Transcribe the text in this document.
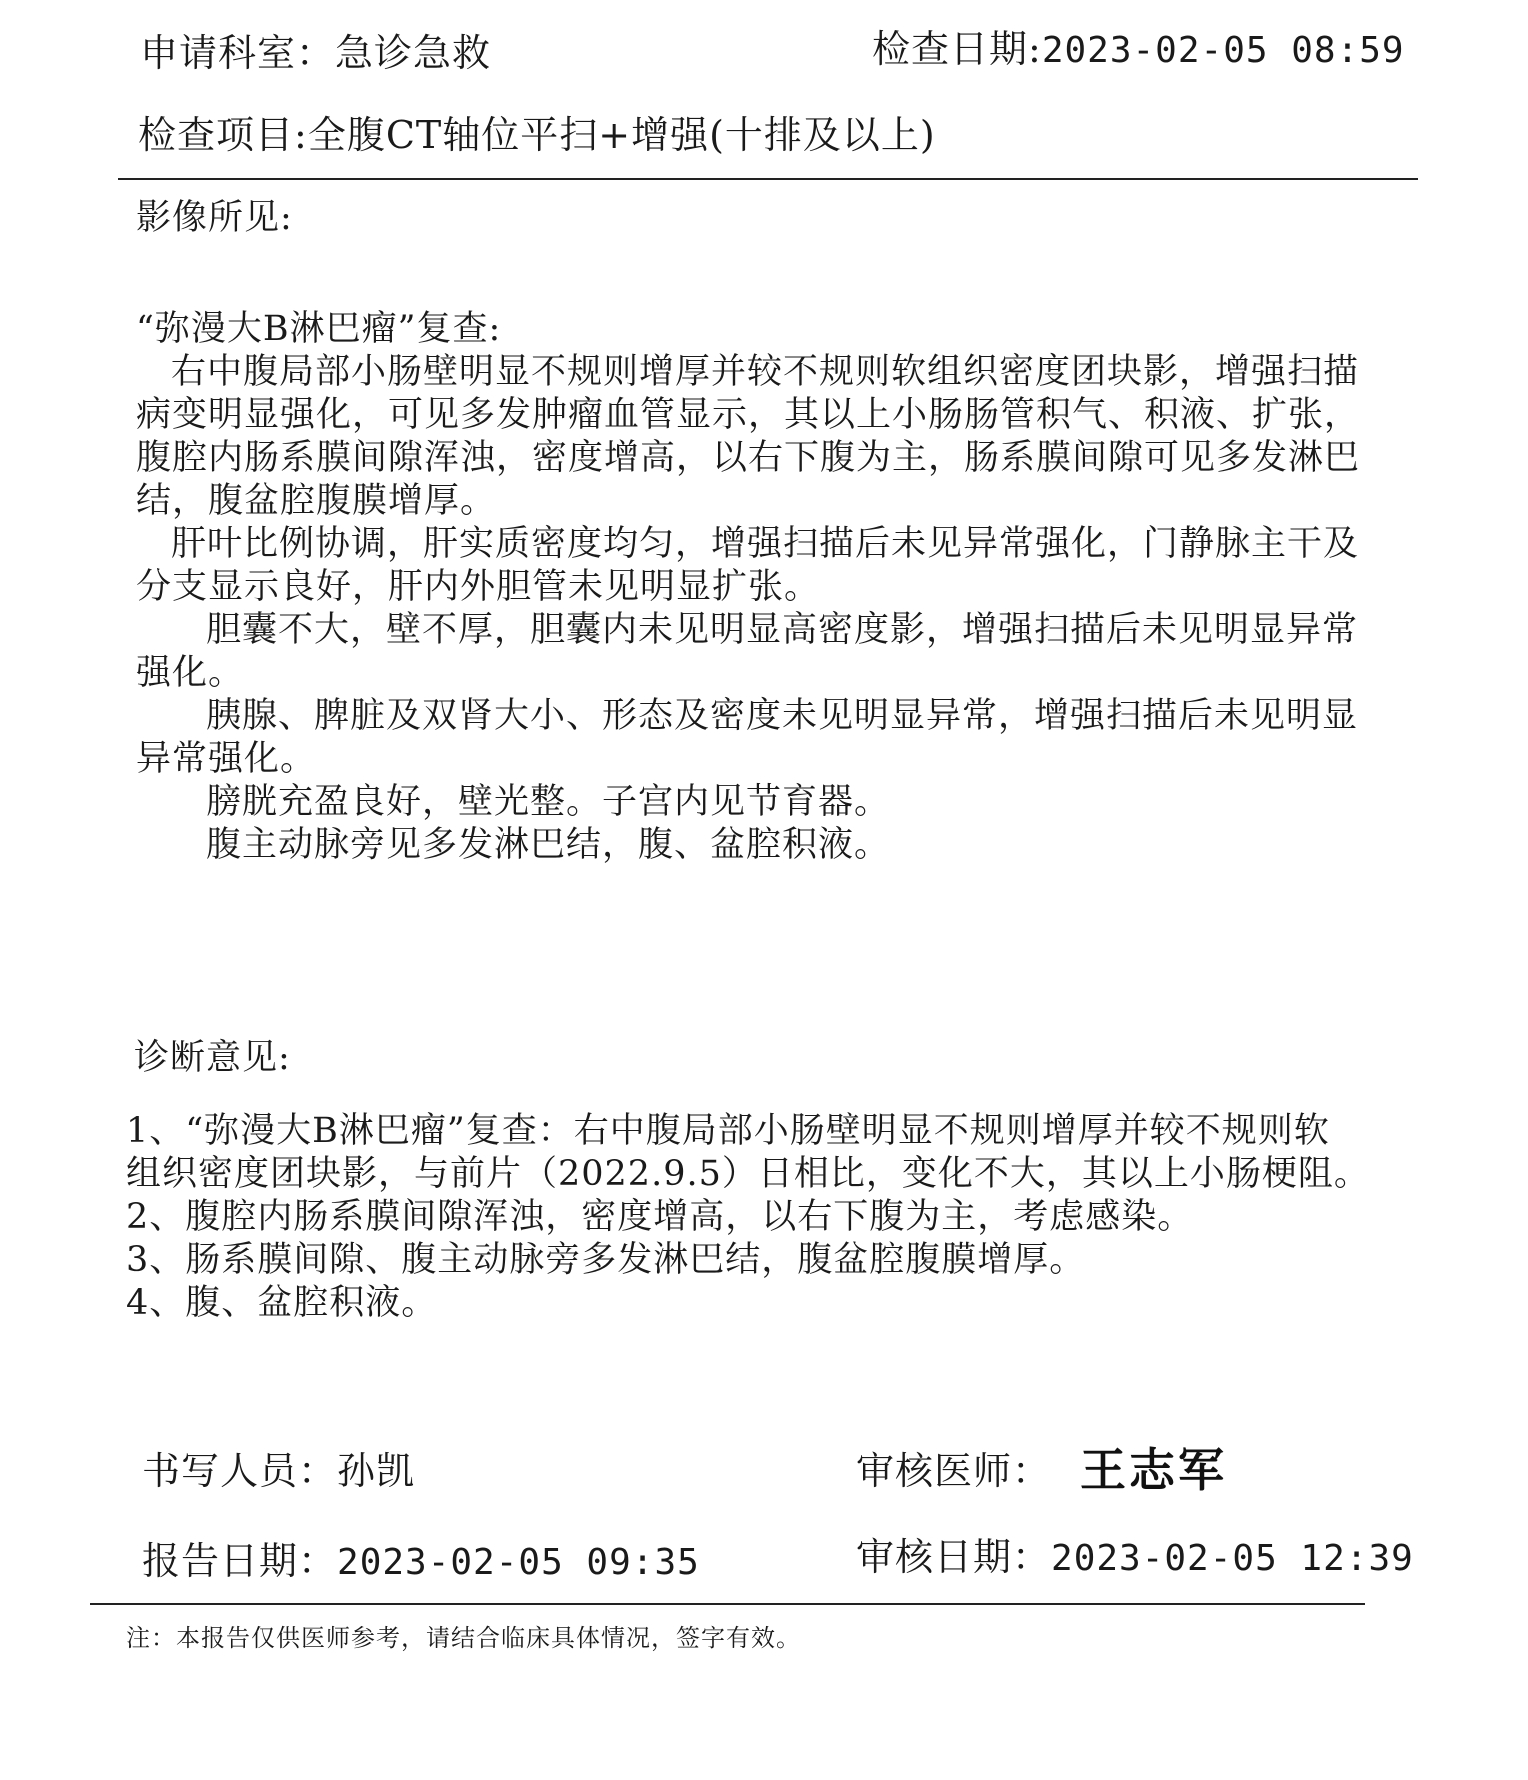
申请科室：急诊急救	检查日期:2023-02-05 08:59
检查项目:全腹CT轴位平扫+增强(十排及以上)
影像所见:

“弥漫大B淋巴瘤”复查:

右中腹局部小肠壁明显不规则增厚并较不规则软组织密度团块影，增强扫描病变明显强化，可见多发肿瘤血管显示，其以上小肠肠管积气、积液、扩张，腹腔内肠系膜间隙浑浊，密度增高，以右下腹为主，肠系膜间隙可见多发淋巴结，腹盆腔腹膜增厚。

肝叶比例协调，肝实质密度均匀，增强扫描后未见异常强化，门静脉主干及分支显示良好，肝内外胆管未见明显扩张。

胆囊不大，壁不厚，胆囊内未见明显高密度影，增强扫描后未见明显异常强化。

胰腺、脾脏及双肾大小、形态及密度未见明显异常，增强扫描后未见明显异常强化。

膀胱充盈良好，壁光整。子宫内见节育器。

腹主动脉旁见多发淋巴结，腹、盆腔积液。

诊断意见:

1、“弥漫大B淋巴瘤”复查：右中腹局部小肠壁明显不规则增厚并较不规则软

组织密度团块影，与前片（2022.9.5）日相比，变化不大，其以上小肠梗阻。

2、腹腔内肠系膜间隙浑浊，密度增高，以右下腹为主，考虑感染。

3、肠系膜间隙、腹主动脉旁多发淋巴结，腹盆腔腹膜增厚。

4、腹、盆腔积液。

书写人员：孙凯	审核医师： 王志军
报告日期：2023-02-05 09:35	审核日期：2023-02-05 12:39
注：本报告仅供医师参考，请结合临床具体情况，签字有效。
